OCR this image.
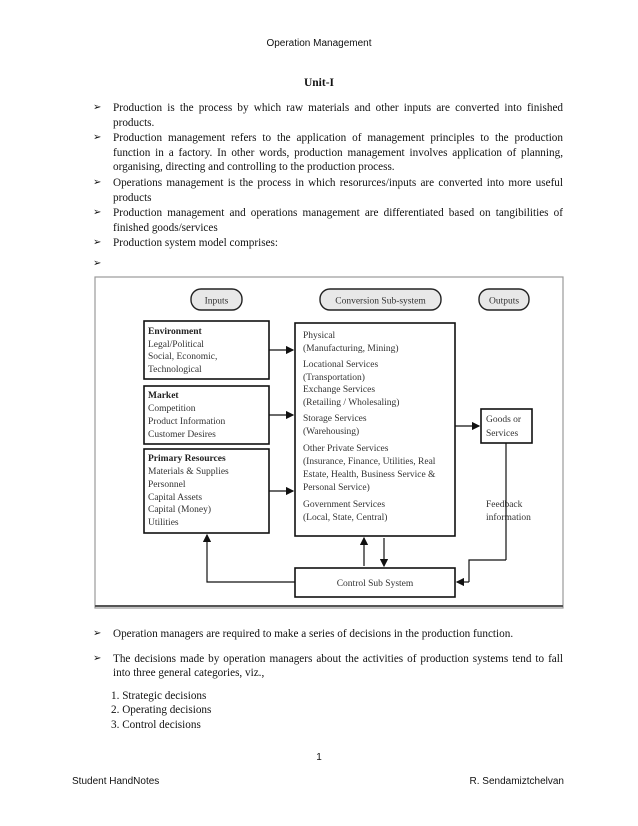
Operation Management
Unit-I
➢ Production is the process by which raw materials and other inputs are converted into finished products.
➢ Production management refers to the application of management principles to the production function in a factory. In other words, production management involves application of planning, organising, directing and controlling to the production process.
➢ Operations management is the process in which resorurces/inputs are converted into more useful products
➢ Production management and operations management are differentiated based on tangibilities of finished goods/services
➢ Production system model comprises:
➢
Inputs	Conversion Sub-system	Outputs
Environment
Legal/Political
Social, Economic,
Technological
Market
Competition
Product Information
Customer Desires
Primary Resources
Materials & Supplies
Personnel
Capital Assets
Capital (Money)
Utilities
Physical
(Manufacturing, Mining)
Locational Services
(Transportation)
Exchange Services
(Retailing / Wholesaling)
Storage Services
(Warehousing)
Other Private Services
(Insurance, Finance, Utilities, Real
Estate, Health, Business Service &
Personal Service)
Government Services
(Local, State, Central)
Goods or
Services
Feedback
information
Control Sub System
➢ Operation managers are required to make a series of decisions in the production function.
➢ The decisions made by operation managers about the activities of production systems tend to fall into three general categories, viz.,
1. Strategic decisions
2. Operating decisions
3. Control decisions
1
Student HandNotes	R. Sendamiztchelvan
